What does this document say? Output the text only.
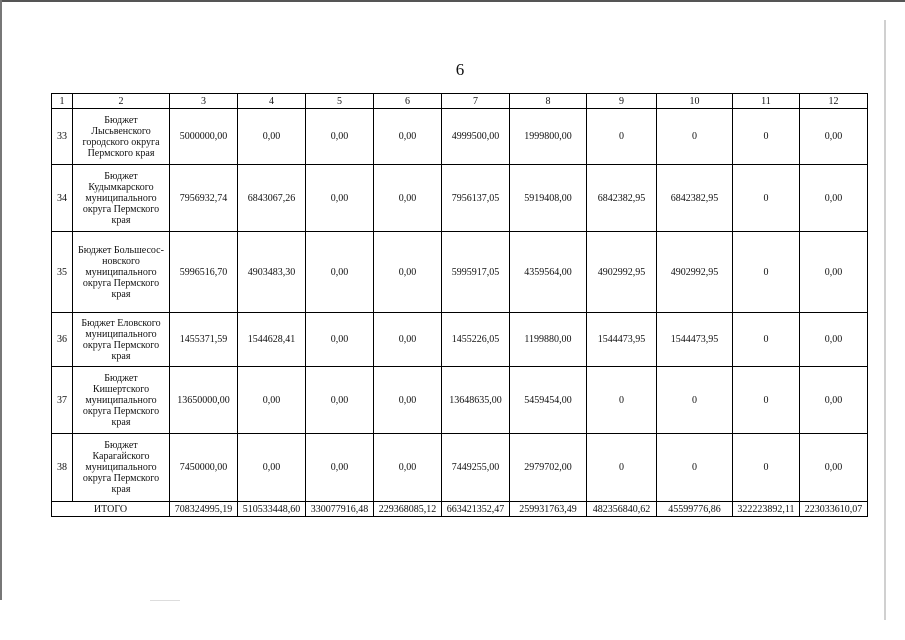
6
1	2	3	4	5	6	7	8	9	10	11	12
33	Бюджет Лысьвенского городского округа Пермского края	5000000,00	0,00	0,00	0,00	4999500,00	1999800,00	0	0	0	0,00
34	Бюджет Кудымкарского муниципального округа Пермского края	7956932,74	6843067,26	0,00	0,00	7956137,05	5919408,00	6842382,95	6842382,95	0	0,00
35	Бюджет Большесос-новского муниципального округа Пермского края	5996516,70	4903483,30	0,00	0,00	5995917,05	4359564,00	4902992,95	4902992,95	0	0,00
36	Бюджет Еловского муниципального округа Пермского края	1455371,59	1544628,41	0,00	0,00	1455226,05	1199880,00	1544473,95	1544473,95	0	0,00
37	Бюджет Кишертского муниципального округа Пермского края	13650000,00	0,00	0,00	0,00	13648635,00	5459454,00	0	0	0	0,00
38	Бюджет Карагайского муниципального округа Пермского края	7450000,00	0,00	0,00	0,00	7449255,00	2979702,00	0	0	0	0,00
ИТОГО		708324995,19	510533448,60	330077916,48	229368085,12	663421352,47	259931763,49	482356840,62	45599776,86	322223892,11	223033610,07
